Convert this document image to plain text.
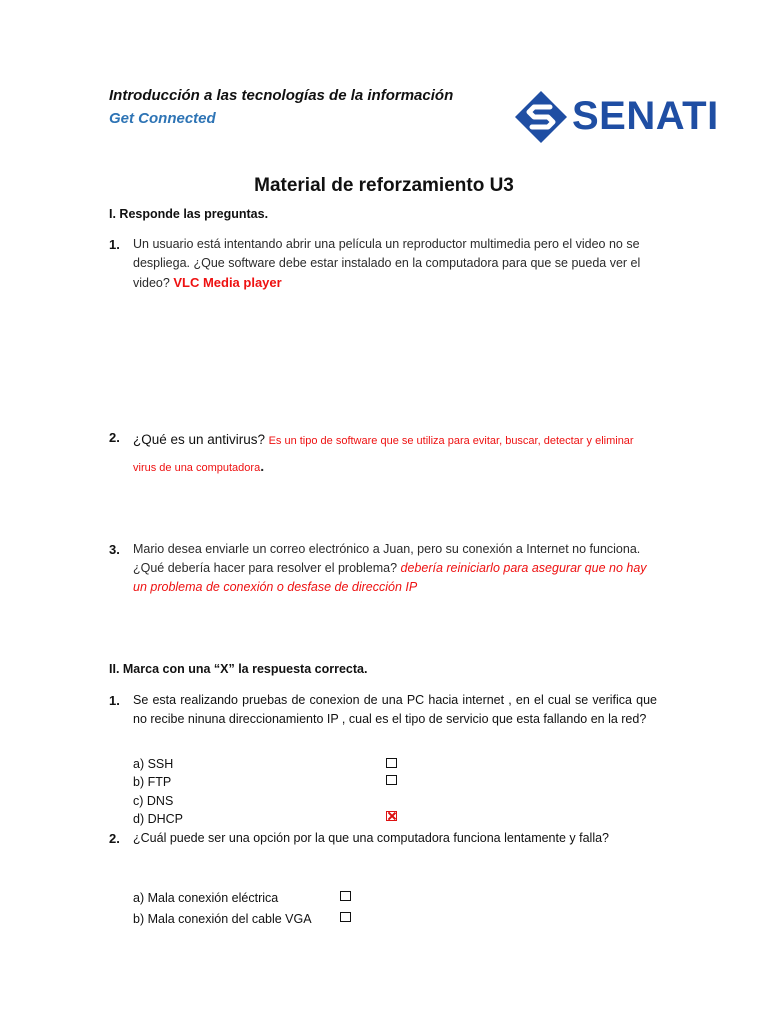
Introducción a las tecnologías de la información
Get Connected	SENATI
Material de reforzamiento U3
I. Responde las preguntas.
1. Un usuario está intentando abrir una película un reproductor multimedia pero el video no se despliega. ¿Que software debe estar instalado en la computadora para que se pueda ver el video? VLC Media player
2. ¿Qué es un antivirus? Es un tipo de software que se utiliza para evitar, buscar, detectar y eliminar virus de una computadora.
3. Mario desea enviarle un correo electrónico a Juan, pero su conexión a Internet no funciona. ¿Qué debería hacer para resolver el problema? debería reiniciarlo para asegurar que no hay un problema de conexión o desfase de dirección IP
II. Marca con una “X” la respuesta correcta.
1. Se esta realizando pruebas de conexion de una PC hacia internet , en el cual se verifica que no recibe ninuna direccionamiento IP , cual es el tipo de servicio que esta fallando en la red?
a) SSH
b) FTP
c) DNS
d) DHCP
2. ¿Cuál puede ser una opción por la que una computadora funciona lentamente y falla?
a) Mala conexión eléctrica
b) Mala conexión del cable VGA
